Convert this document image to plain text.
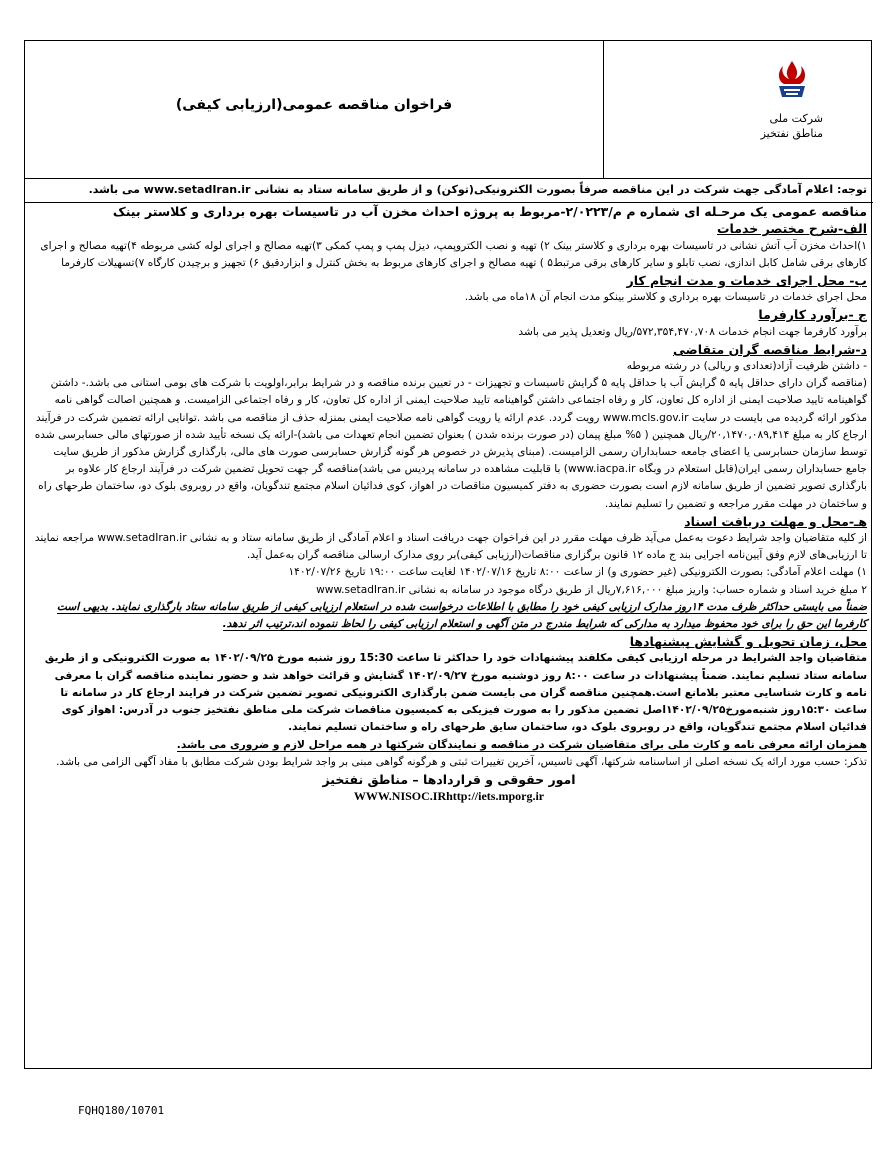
فراخوان مناقصه عمومی(ارزیابی کیفی)
شرکت ملی
مناطق نفتخیز

توجه: اعلام آمادگی جهت شرکت در این مناقصه صرفاً بصورت الکترونیکی(توکن) و از طریق سامانه ستاد به نشانی www.setadIran.ir می باشد.

مناقصه عمومی یک مرحـله ای شماره م م/۲/۰۲۲۳-مربوط به پروژه احداث مخزن آب در تاسیسات بهره برداری و کلاستر بینک

الف-شرح مختصر خدمات

۱)احداث مخزن آب آتش نشانی در تاسیسات بهره برداری و کلاستر بینک ۲) تهیه و نصب الکتروپمپ، دیزل پمپ و پمپ کمکی ۳)تهیه مصالح و اجرای لوله کشی مربوطه ۴)تهیه مصالح و اجرای کارهای برقی شامل کابل اندازی، نصب تابلو و سایر کارهای برقی مرتبط۵ ) تهیه مصالح و اجرای کارهای مربوط به بخش کنترل و ابزاردقیق ۶) تجهیز و برچیدن کارگاه ۷)تسهیلات کارفرما

ب- محل اجرای خدمات و مدت انجام کار

محل اجرای خدمات در تاسیسات بهره برداری و کلاستر بینکو مدت انجام آن ۱۸ماه می باشد.

ج -برآورد کارفرما

برآورد کارفرما جهت انجام خدمات ۵۷۲,۳۵۴,۴۷۰,۷۰۸/ریال وتعدیل پذیر می باشد

د-شرایط مناقصه گران متقاضی

- داشتن ظرفیت آزاد(تعدادی و ریالی) در رشته مربوطه

(مناقصه گران دارای حداقل پایه ۵ گرایش آب یا حداقل پایه ۵ گرایش تاسیسات و تجهیزات - در تعیین برنده مناقصه و در شرایط برابر،اولویت با شرکت های بومی استانی می باشد.- داشتن گواهینامه تایید صلاحیت ایمنی از اداره کل تعاون، کار و رفاه اجتماعی داشتن گواهینامه تایید صلاحیت ایمنی از اداره کل تعاون، کار و رفاه اجتماعی الزامیست. و همچنین اصالت گواهی نامه مذکور ارائه گردیده می بایست در سایت www.mcls.gov.ir رویت گردد. عدم ارائه یا رویت گواهی نامه صلاحیت ایمنی بمنزله حذف از مناقصه می باشد .توانایی ارائه تضمین شرکت در فرآیند ارجاع کار به مبلغ ۲۰,۱۴۷۰,۰۸۹,۴۱۴/ریال همچنین ( ۵% مبلغ پیمان (در صورت برنده شدن ) بعنوان تضمین انجام تعهدات می باشد)-ارائه یک نسخه تأیید شده از صورتهای مالی حسابرسی شده توسط سازمان حسابرسی یا اعضای جامعه حسابداران رسمی الزامیست. (مبنای پذیرش در خصوص هر گونه گزارش حسابرسی صورت های مالی، بارگذاری گزارش مذکور از طریق سایت جامع حسابداران رسمی ایران(قابل استعلام در وبگاه www.iacpa.ir) با قابلیت مشاهده در سامانه پردیس می باشد)مناقصه گر جهت تحویل تضمین شرکت در فرآیند ارجاع کار علاوه بر بارگذاری تصویر تضمین از طریق سامانه لازم است بصورت حضوری به دفتر کمیسیون مناقصات در اهواز، کوی فدائیان اسلام مجتمع تندگویان، واقع در روبروی بلوک دو، ساختمان طرحهای راه و ساختمان در مهلت مقرر مراجعه و تضمین را تسلیم نمایند.

هـ-محل و مهلت دریافت اسناد

از کلیه متقاضیان واجد شرایط دعوت به‌عمل می‌آید ظرف مهلت مقرر در این فراخوان جهت دریافت اسناد و اعلام آمادگی از طریق سامانه ستاد و به نشانی www.setadIran.ir مراجعه نمایند تا ارزیابی‌های لازم وفق آیین‌نامه اجرایی بند ج ماده ۱۲ قانون برگزاری مناقصات(ارزیابی کیفی)بر روی مدارک ارسالی مناقصه گران به‌عمل آید.

۱) مهلت اعلام آمادگی: بصورت الکترونیکی (غیر حضوری و) از ساعت ۸:۰۰ تاریخ ۱۴۰۲/۰۷/۱۶ لغایت ساعت ۱۹:۰۰ تاریخ ۱۴۰۲/۰۷/۲۶

۲ مبلغ خرید اسناد و شماره حساب: واریز مبلغ ۷,۶۱۶,۰۰۰ریال از طریق درگاه موجود در سامانه به نشانی www.setadIran.ir

ضمناً می بایستی حداکثر ظرف مدت ۱۴روز مدارک ارزیابی کیفی خود را مطابق با اطلاعات درخواست شده در استعلام ارزیابی کیفی از طریق سامانه ستاد بارگذاری نمایند. بدیهی است

کارفرما این حق را برای خود محفوظ میدارد به مدارکی که شرایط مندرج در متن آگهی و استعلام ارزیابی کیفی را لحاظ ننموده اند،ترتیب اثر ندهد.

محل، زمان تحویل و گشایش پیشنهادها

متقاضیان واجد الشرایط در مرحله ارزیابی کیفی مکلفند پیشنهادات خود را حداکثر تا ساعت 15:30 روز شنبه مورخ ۱۴۰۲/۰۹/۲۵ به صورت الکترونیکی و از طریق سامانه ستاد تسلیم نمایند. ضمناً پیشنهادات در ساعت ۸:۰۰ روز دوشنبه مورخ ۱۴۰۲/۰۹/۲۷ گشایش و قرائت خواهد شد و حضور نماینده مناقصه گران با معرفی نامه و کارت شناسایی معتبر بلامانع است.همچنین مناقصه گران می بایست ضمن بارگذاری الکترونیکی تصویر تضمین شرکت در فرایند ارجاع کار در سامانه تا ساعت ۱۵:۳۰روز شنبه‌مورخ۱۴۰۲/۰۹/۲۵اصل تضمین مذکور را به صورت فیزیکی به کمیسیون مناقصات شرکت ملی مناطق نفتخیز جنوب در آدرس: اهواز کوی فدائیان اسلام مجتمع تندگویان، واقع در روبروی بلوک دو، ساختمان سایق طرحهای راه و ساختمان تسلیم نمایند.

همزمان ارائه معرفی نامه و کارت ملی برای متقاضیان شرکت در مناقصه و نمایندگان شرکتها در همه مراحل لازم و ضروری می باشد.

تذکر: حسب مورد ارائه یک نسخه اصلی از اساسنامه شرکتها، آگهی تاسیس، آخرین تغییرات ثبتی و هرگونه گواهی مبنی بر واجد شرایط بودن شرکت مطابق با مفاد آگهی الزامی می باشد.

امور حقوقی و قراردادها – مناطق نفتخیز

WWW.NISOC.IRhttp://iets.mporg.ir

FQHQ180/10701
